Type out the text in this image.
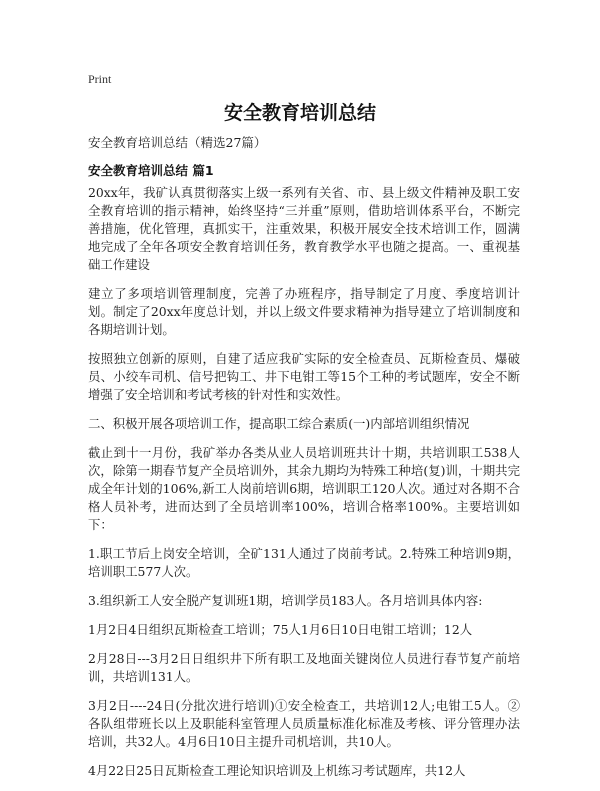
Print
安全教育培训总结
安全教育培训总结（精选27篇）
安全教育培训总结 篇1

20xx年，我矿认真贯彻落实上级一系列有关省、市、县上级文件精神及职工安全教育培训的指示精神，始终坚持“三并重”原则，借助培训体系平台，不断完善措施，优化管理，真抓实干，注重效果，积极开展安全技术培训工作，圆满地完成了全年各项安全教育培训任务，教育教学水平也随之提高。一、重视基础工作建设

建立了多项培训管理制度，完善了办班程序，指导制定了月度、季度培训计划。制定了20xx年度总计划，并以上级文件要求精神为指导建立了培训制度和各期培训计划。

按照独立创新的原则，自建了适应我矿实际的安全检查员、瓦斯检查员、爆破员、小绞车司机、信号把钩工、井下电钳工等15个工种的考试题库，安全不断增强了安全培训和考试考核的针对性和实效性。

二、积极开展各项培训工作，提高职工综合素质(一)内部培训组织情况

截止到十一月份，我矿举办各类从业人员培训班共计十期，共培训职工538人次，除第一期春节复产全员培训外，其余九期均为特殊工种培(复)训，十期共完成全年计划的106%,新工人岗前培训6期，培训职工120人次。通过对各期不合格人员补考，进而达到了全员培训率100%，培训合格率100%。主要培训如下：

1.职工节后上岗安全培训，全矿131人通过了岗前考试。2.特殊工种培训9期，培训职工577人次。

3.组织新工人安全脱产复训班1期，培训学员183人。各月培训具体内容:

1月2日4日组织瓦斯检查工培训；75人1月6日10日电钳工培训；12人

2月28日---3月2日日组织井下所有职工及地面关键岗位人员进行春节复产前培训，共培训131人。

3月2日----24日(分批次进行培训)①安全检查工，共培训12人;电钳工5人。②各队组带班长以上及职能科室管理人员质量标准化标准及考核、评分管理办法培训，共32人。4月6日10日主提升司机培训，共10人。

4月22日25日瓦斯检查工理论知识培训及上机练习考试题库，共12人
